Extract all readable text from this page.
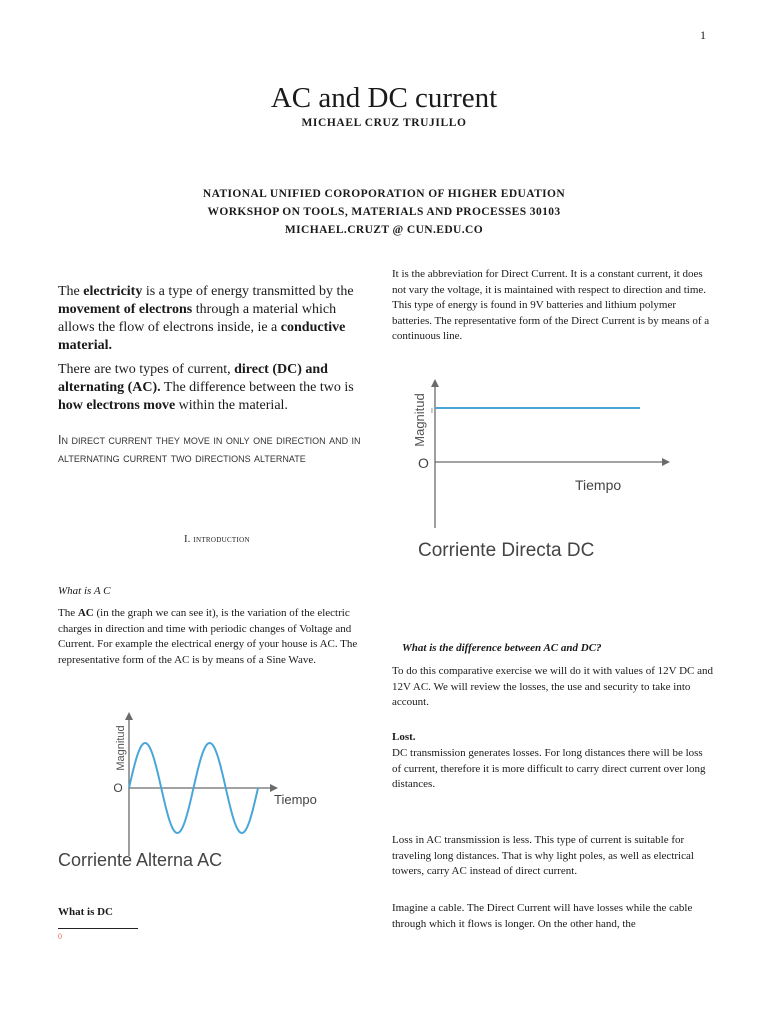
1
AC and DC current
MICHAEL CRUZ TRUJILLO
NATIONAL UNIFIED COROPORATION OF HIGHER EDUATION
WORKSHOP ON TOOLS, MATERIALS AND PROCESSES 30103
MICHAEL.CRUZT @ CUN.EDU.CO

The electricity is a type of energy transmitted by the movement of electrons through a material which allows the flow of electrons inside, ie a conductive material.

There are two types of current, direct (DC) and alternating (AC). The difference between the two is how electrons move within the material.

In direct current they move in only one direction and in alternating current two directions alternate
I. introduction
What is A C
The AC (in the graph we can see it), is the variation of the electric charges in direction and time with periodic changes of Voltage and Current. For example the electrical energy of your house is AC. The representative form of the AC is by means of a Sine Wave.
Magnitud
O
Tiempo
Corriente Alterna AC
What is DC
0
It is the abbreviation for Direct Current. It is a constant current, it does not vary the voltage, it is maintained with respect to direction and time. This type of energy is found in 9V batteries and lithium polymer batteries. The representative form of the Direct Current is by means of a continuous line.
Magnitud I
O
Tiempo
Corriente Directa DC
What is the difference between AC and DC?
To do this comparative exercise we will do it with values of 12V DC and 12V AC. We will review the losses, the use and security to take into account.
Lost.
DC transmission generates losses. For long distances there will be loss of current, therefore it is more difficult to carry direct current over long distances.
Loss in AC transmission is less. This type of current is suitable for traveling long distances. That is why light poles, as well as electrical towers, carry AC instead of direct current.
Imagine a cable. The Direct Current will have losses while the cable through which it flows is longer. On the other hand, the
